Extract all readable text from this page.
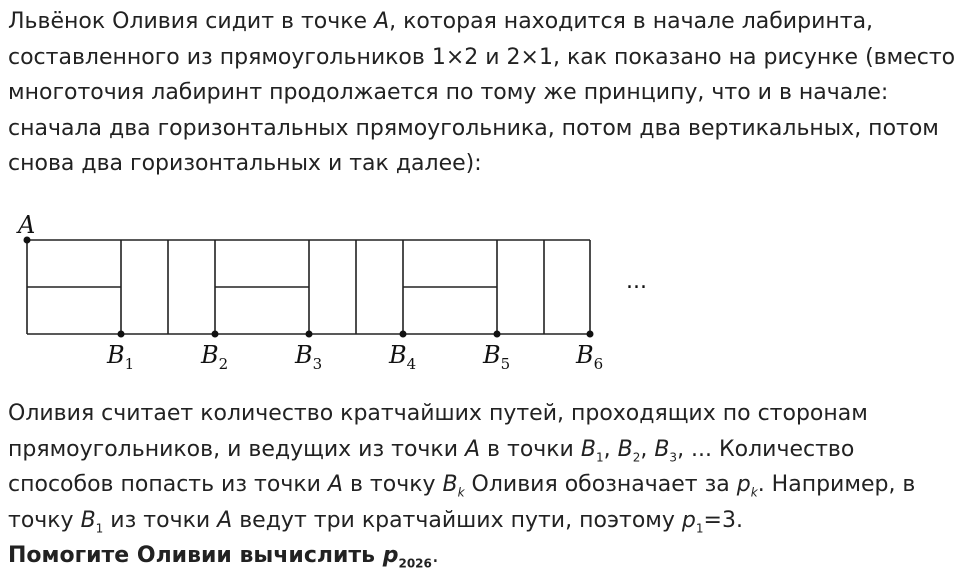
Львёнок Оливия сидит в точке A, которая находится в начале лабиринта, составленного из прямоугольников 1×2 и 2×1, как показано на рисунке (вместо многоточия лабиринт продолжается по тому же принципу, что и в начале: сначала два горизонтальных прямоугольника, потом два вертикальных, потом снова два горизонтальных и так далее):
A
...
$B_1$	$B_2$	$B_3$	$B_4$	$B_5$	$B_6$
Оливия считает количество кратчайших путей, проходящих по сторонам прямоугольников, и ведущих из точки A в точки $B_1$, $B_2$, $B_3$, ... Количество способов попасть из точки A в точку $B_k$ Оливия обозначает за $p_k$. Например, в точку $B_1$ из точки A ведут три кратчайших пути, поэтому $p_1=3$.
Помогите Оливии вычислить $p_{2026}$.
